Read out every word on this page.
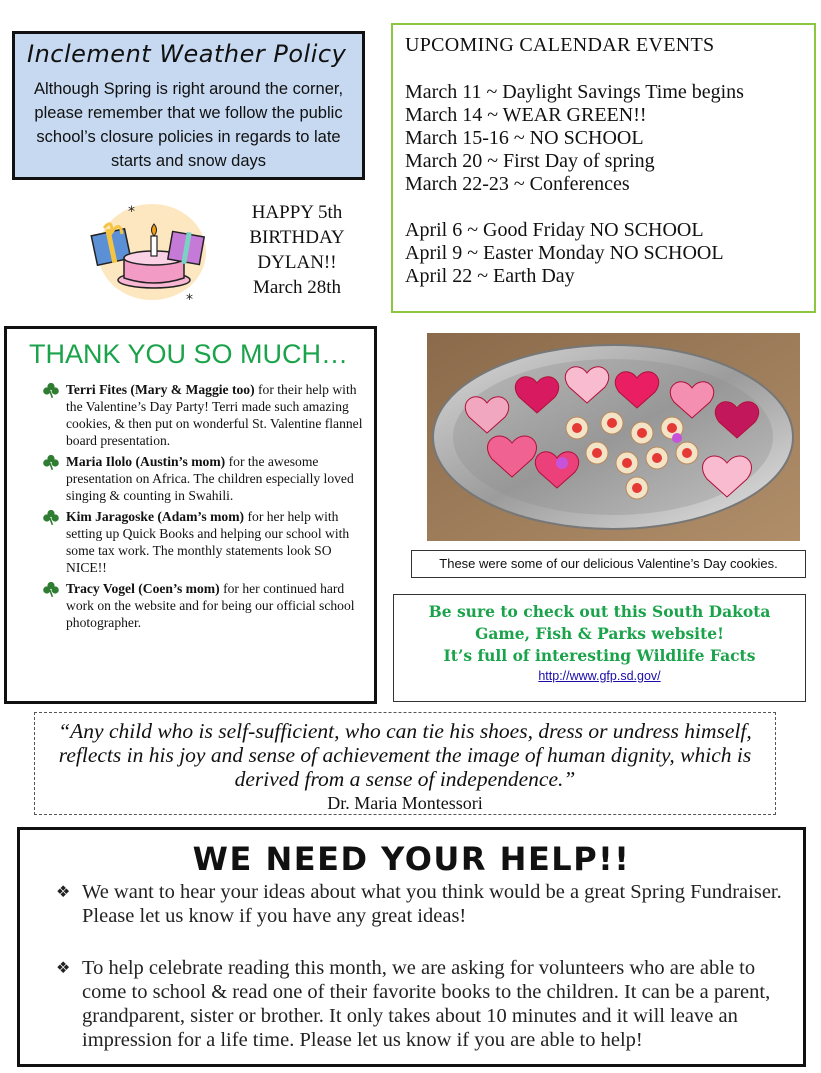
Inclement Weather Policy
Although Spring is right around the corner, please remember that we follow the public school’s closure policies in regards to late starts and snow days
*
*
HAPPY 5th
BIRTHDAY
DYLAN!!
March 28th
UPCOMING CALENDAR EVENTS
March 11 ~ Daylight Savings Time begins
March 14 ~ WEAR GREEN!!
March 15-16 ~ NO SCHOOL
March 20 ~ First Day of spring
March 22-23 ~ Conferences
April 6 ~ Good Friday NO SCHOOL
April 9 ~ Easter Monday NO SCHOOL
April 22 ~ Earth Day
THANK YOU SO MUCH…
Terri Fites (Mary & Maggie too) for their help with the Valentine’s Day Party! Terri made such amazing cookies, & then put on wonderful St. Valentine flannel board presentation.
Maria Ilolo (Austin’s mom) for the awesome presentation on Africa. The children especially loved singing & counting in Swahili.
Kim Jaragoske (Adam’s mom) for her help with setting up Quick Books and helping our school with some tax work. The monthly statements look SO NICE!!
Tracy Vogel (Coen’s mom) for her continued hard work on the website and for being our official school photographer.
These were some of our delicious Valentine’s Day cookies.
Be sure to check out this South Dakota
Game, Fish & Parks website!
It’s full of interesting Wildlife Facts
http://www.gfp.sd.gov/
“Any child who is self-sufficient, who can tie his shoes, dress or undress himself, reflects in his joy and sense of achievement the image of human dignity, which is derived from a sense of independence.”
Dr. Maria Montessori
WE NEED YOUR HELP!!
❖ We want to hear your ideas about what you think would be a great Spring Fundraiser. Please let us know if you have any great ideas!
❖ To help celebrate reading this month, we are asking for volunteers who are able to come to school & read one of their favorite books to the children. It can be a parent, grandparent, sister or brother. It only takes about 10 minutes and it will leave an impression for a life time. Please let us know if you are able to help!
